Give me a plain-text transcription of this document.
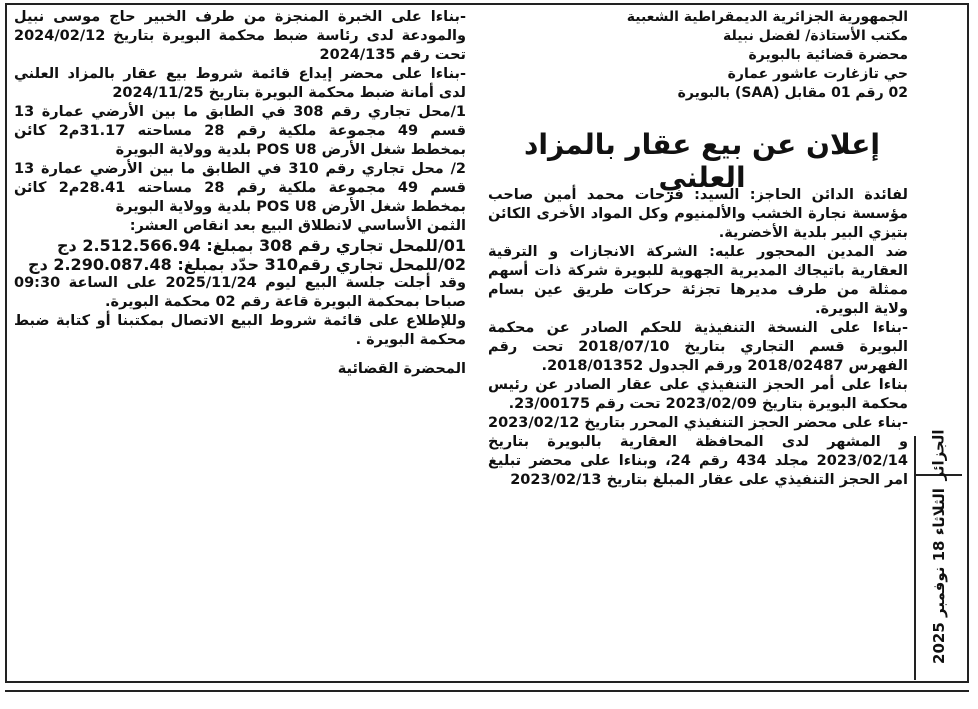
الجمهورية الجزائرية الديمقراطية الشعبية
مكتب الأستاذة/ لفضل نبيلة
محضرة قضائية بالبويرة
حي تازغارت عاشور عمارة
02 رقم 01 مقابل (SAA) بالبويرة
إعلان عن بيع عقار بالمزاد العلني

لفائدة الدائن الحاجز: السيد: فرحات محمد أمين صاحب مؤسسة نجارة الخشب والألمنيوم وكل المواد الأخرى الكائن بتيزي البير بلدية الأخضرية.

ضد المدين المحجور عليه: الشركة الانجازات و الترقية العقارية باتيجاك المديرية الجهوية للبويرة شركة ذات أسهم ممثلة من طرف مديرها تجزئة حركات طريق عين بسام ولاية البويرة.

-بناءا على النسخة التنفيذية للحكم الصادر عن محكمة البويرة قسم التجاري بتاريخ 2018/07/10 تحت رقم الفهرس 2018/02487 ورقم الجدول 2018/01352.

بناءا على أمر الحجز التنفيذي على عقار الصادر عن رئيس محكمة البويرة بتاريخ 2023/02/09 تحت رقم 23/00175.

-بناء على محضر الحجز التنفيذي المحرر بتاريخ 2023/02/12 و المشهر لدى المحافظة العقارية بالبويرة بتاريخ 2023/02/14 مجلد 434 رقم 24، وبناءا على محضر تبليغ امر الحجز التنفيذي على عقار المبلغ بتاريخ 2023/02/13

-بناءا على الخبرة المنجزة من طرف الخبير حاج موسى نبيل والمودعة لدى رئاسة ضبط محكمة البويرة بتاريخ 2024/02/12 تحت رقم 2024/135

-بناءا على محضر إيداع قائمة شروط بيع عقار بالمزاد العلني لدى أمانة ضبط محكمة البويرة بتاريخ 2024/11/25

1/محل تجاري رقم 308 في الطابق ما بين الأرضي عمارة 13 قسم 49 مجموعة ملكية رقم 28 مساحته 31.17م2 كائن بمخطط شغل الأرض POS U8 بلدية وولاية البويرة

2/ محل تجاري رقم 310 في الطابق ما بين الأرضي عمارة 13 قسم 49 مجموعة ملكية رقم 28 مساحته 28.41م2 كائن بمخطط شغل الأرض POS U8 بلدية وولاية البويرة

الثمن الأساسي لانطلاق البيع بعد انقاص العشر:

01/للمحل تجاري رقم 308 بمبلغ: 2.512.566.94 دج

02/للمحل تجاري رقم310 حدّد بمبلغ: 2.290.087.48 دج

وقد أجلت جلسة البيع ليوم 2025/11/24 على الساعة 09:30 صباحا بمحكمة البويرة قاعة رقم 02 محكمة البويرة.

وللإطلاع على قائمة شروط البيع الاتصال بمكتبنا أو كتابة ضبط محكمة البويرة .

المحضرة القضائية

الجزائر
الثلاثاء 18 نوفمبر 2025
